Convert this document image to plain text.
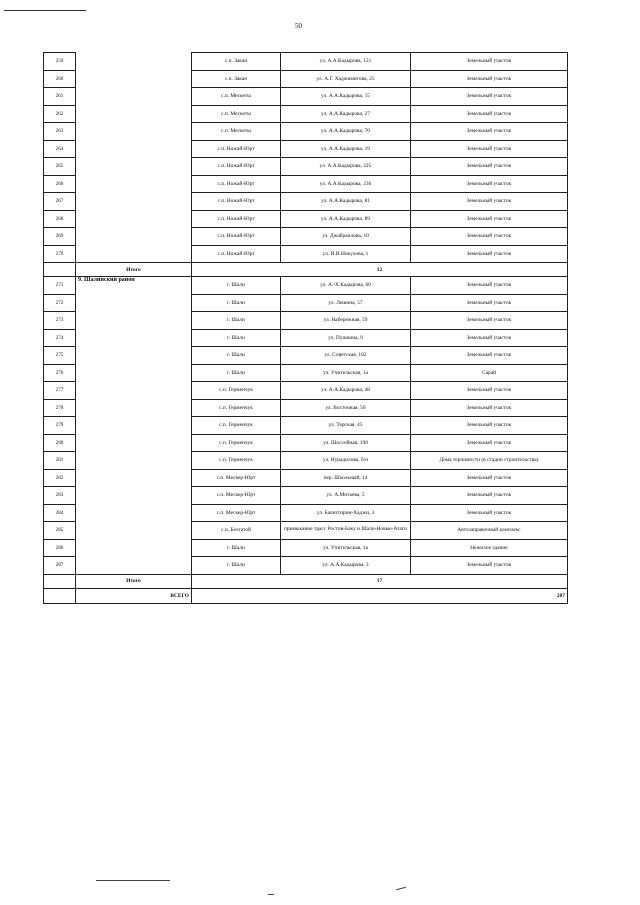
50
259		с.п. Закан	ул. А.А.Кадырова, 121	Земельный участок
260		с.п. Закан	ул. А.Г. Хаджимитова, 25	Земельный участок
261		с.п. Мескеты	ул. А.А.Кадырова, 15	Земельный участок
262		с.п. Мескеты	ул. А.А.Кадырова, 27	Земельный участок
263		с.п. Мескеты	ул. А.А.Кадырова, 70	Земельный участок
264		с.п. Ножай-Юрт	ул. А.А.Кадырова, 19	Земельный участок
265		с.п. Ножай-Юрт	ул. А.А.Кадырова, 225	Земельный участок
266		с.п. Ножай-Юрт	ул. А.А.Кадырова, 236	Земельный участок
267		с.п. Ножай-Юрт	ул. А.А.Кадырова, 81	Земельный участок
268		с.п. Ножай-Юрт	ул. А.А.Кадырова, 89	Земельный участок
269		с.п. Ножай-Юрт	ул. Джабраилова, 10	Земельный участок
270		с.п. Ножай-Юрт	ул. И.И.Никулова, 1	Земельный участок
	Итого	12		
271	9. Шалинский район	г. Шали	ул. А.-Х.Кадырова, 60	Земельный участок
272		г. Шали	ул. Лешина, 57	Земельный участок
273		г. Шали	ул. Набережная, 59	Земельный участок
274		г. Шали	ул. Пушкина, 9	Земельный участок
275		г. Шали	ул. Советская, 102	Земельный участок
276		г. Шали	ул. Учительская, 1а	Сарай
277		с.п. Герменчук	ул. А.А.Кадырова, 48	Земельный участок
278		с.п. Герменчук	ул. Восточная, 50	Земельный участок
279		с.п. Герменчук	ул. Терская, 45	Земельный участок
280		с.п. Герменчук	ул. Шоссейная, 190	Земельный участок
281		с.п. Герменчук	ул. Нурадилова, б/н	Дома терпимости (в стадии строительства)
282		с.п. Мескер-Юрт	пер. Школьный, 14	Земельный участок
283		с.п. Мескер-Юрт	ул. А.Митаева, 5	Земельный участок
284		с.п. Мескер-Юрт	ул. Бачитгирин-Хаджи, 3	Земельный участок
285		с.п. Белгатой	примыкание трасс Ростов-Баку и Шали-Новые-Атаги	Автозаправочный комплекс
286		г. Шали	ул. Учительская, 1а	Нежилое здание
287		г. Шали	ул. А.А.Кадырова, 3	Земельный участок
	Итого	17		
	ВСЕГО	287		
